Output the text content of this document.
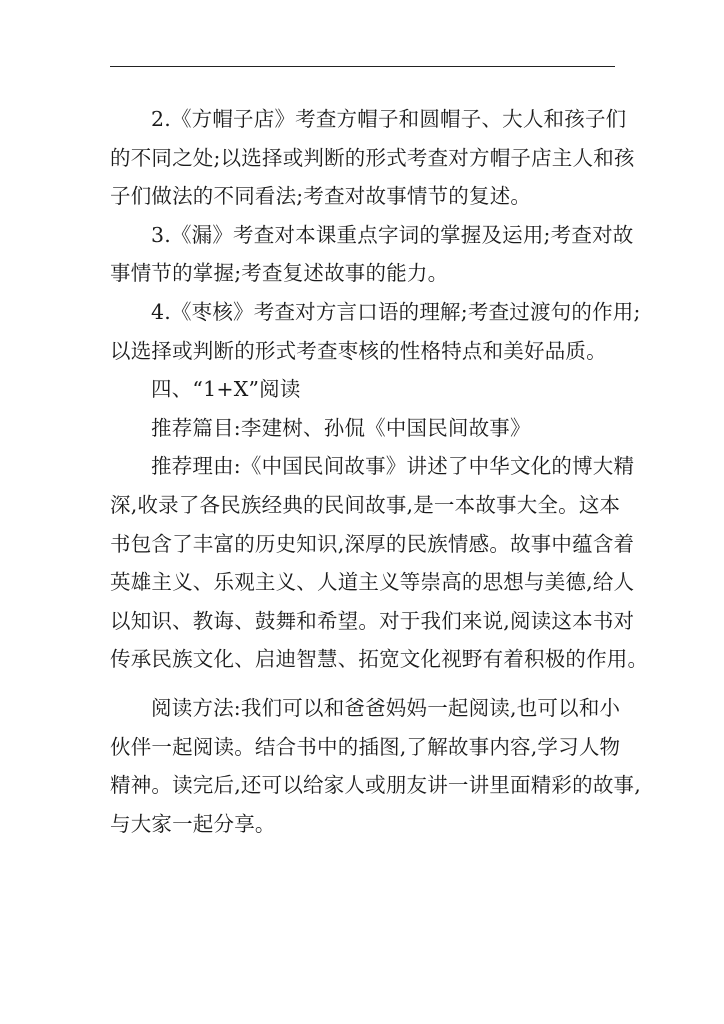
2.《方帽子店》考查方帽子和圆帽子、大人和孩子们
的不同之处;以选择或判断的形式考查对方帽子店主人和孩
子们做法的不同看法;考查对故事情节的复述。

3.《漏》考查对本课重点字词的掌握及运用;考查对故
事情节的掌握;考查复述故事的能力。

4.《枣核》考查对方言口语的理解;考查过渡句的作用;
以选择或判断的形式考查枣核的性格特点和美好品质。

四、“1+X”阅读

推荐篇目:李建树、孙侃《中国民间故事》

推荐理由:《中国民间故事》讲述了中华文化的博大精
深,收录了各民族经典的民间故事,是一本故事大全。这本
书包含了丰富的历史知识,深厚的民族情感。故事中蕴含着
英雄主义、乐观主义、人道主义等崇高的思想与美德,给人
以知识、教诲、鼓舞和希望。对于我们来说,阅读这本书对
传承民族文化、启迪智慧、拓宽文化视野有着积极的作用。

阅读方法:我们可以和爸爸妈妈一起阅读,也可以和小
伙伴一起阅读。结合书中的插图,了解故事内容,学习人物
精神。读完后,还可以给家人或朋友讲一讲里面精彩的故事,
与大家一起分享。
